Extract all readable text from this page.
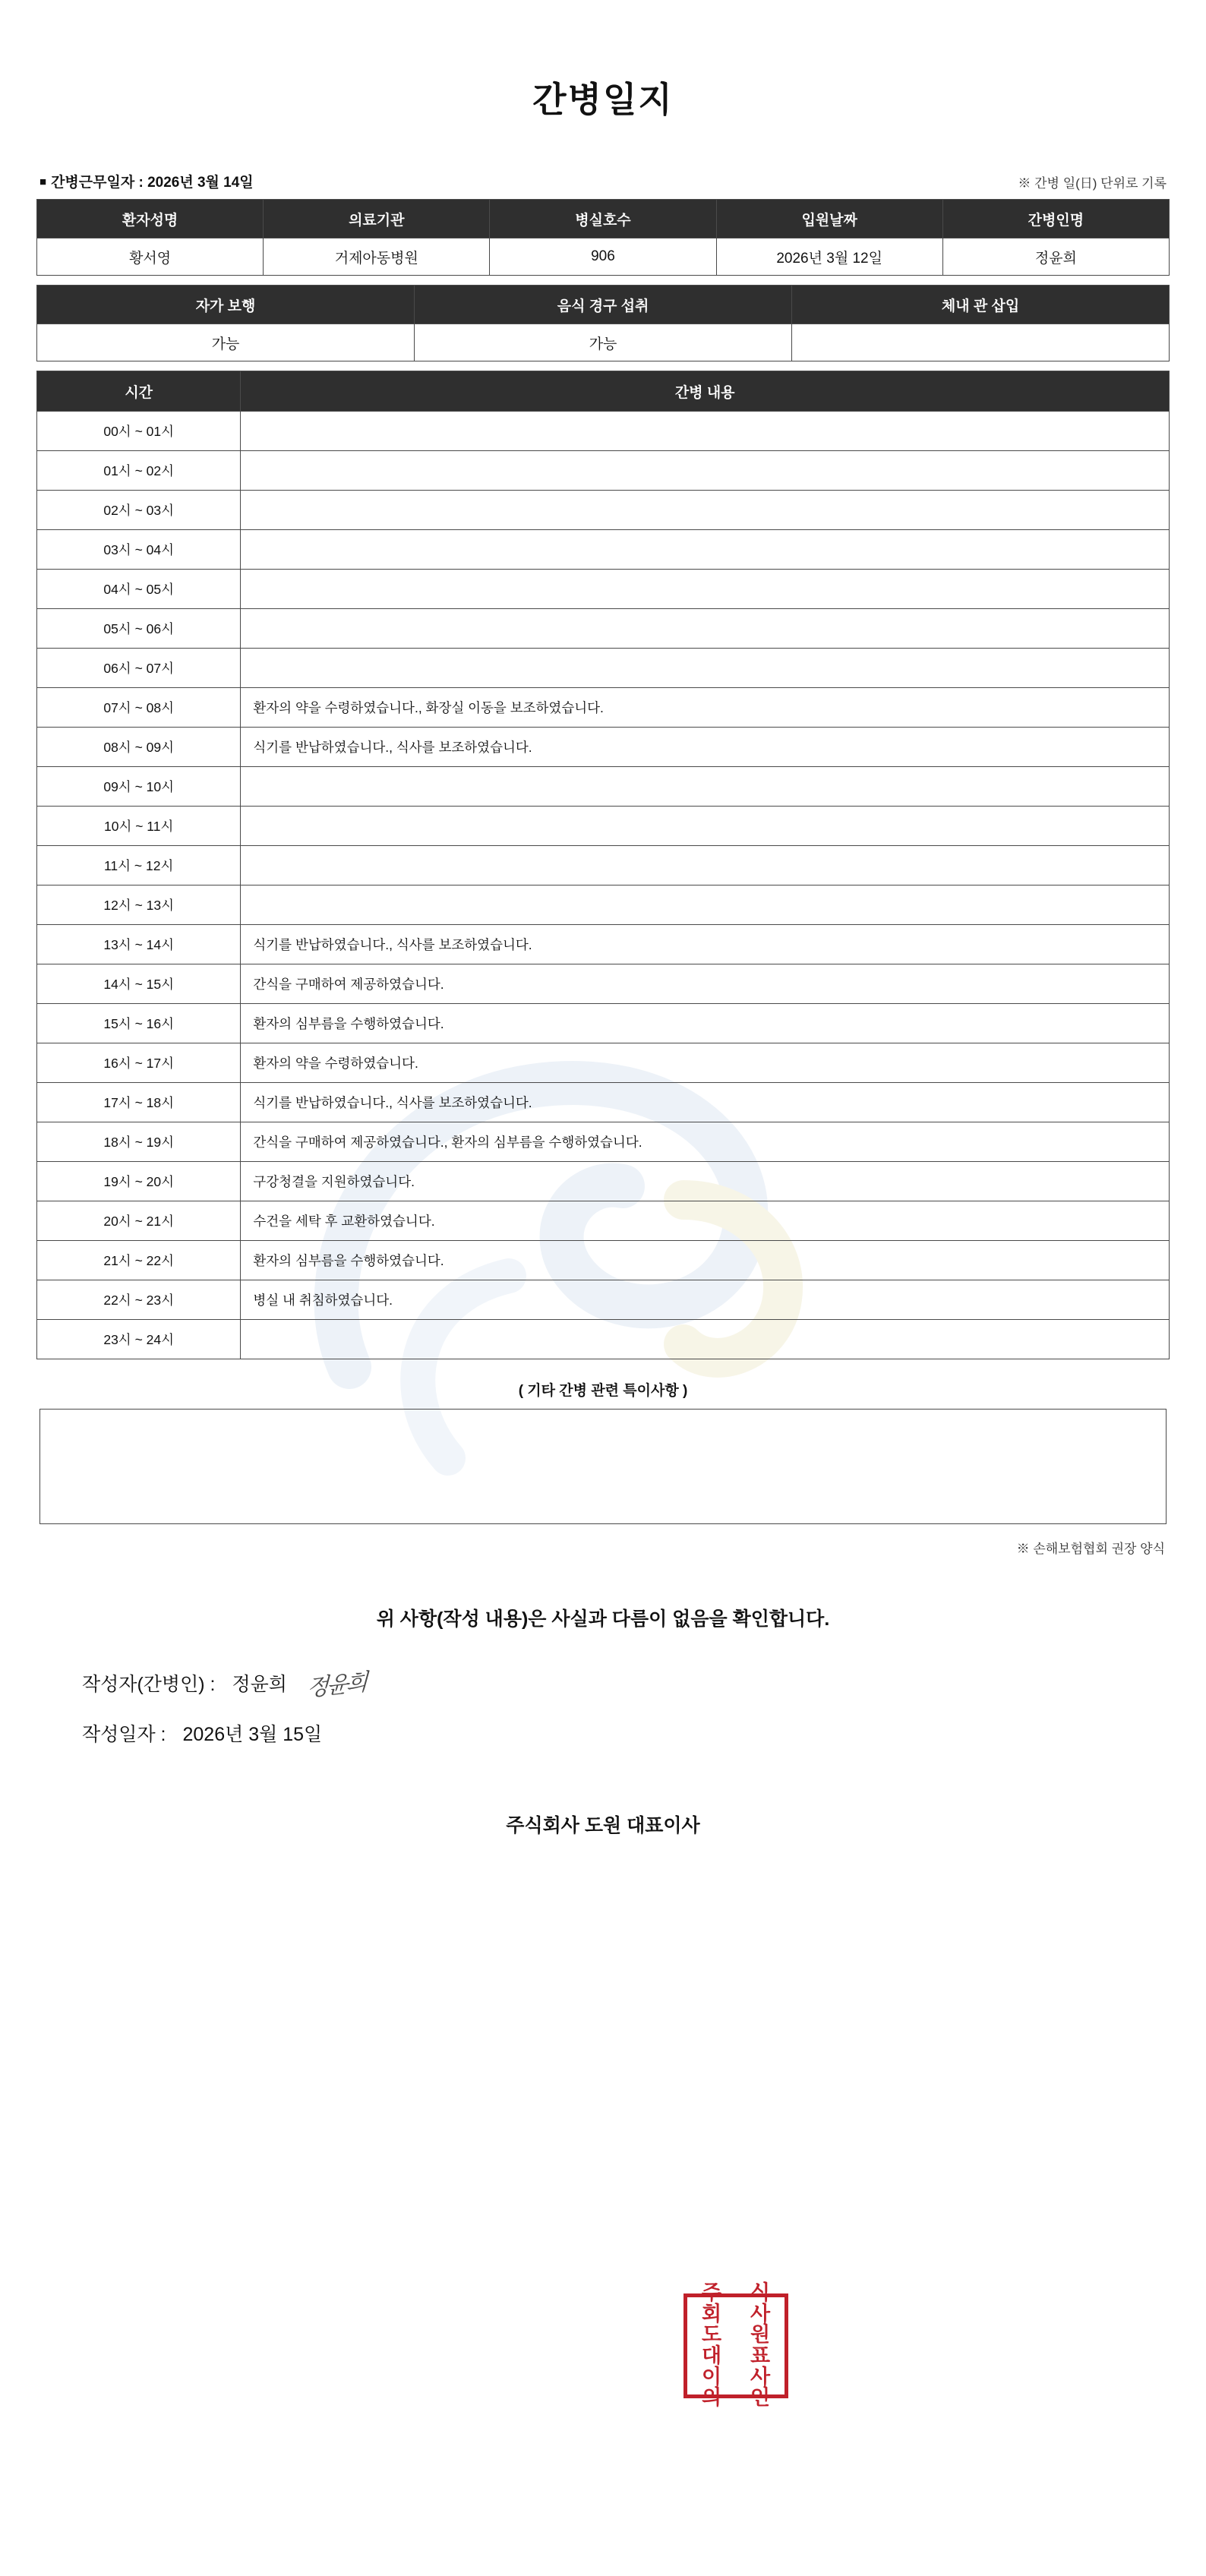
간병일지
■ 간병근무일자 : 2026년 3월 14일	※ 간병 일(日) 단위로 기록
환자성명	의료기관	병실호수	입원날짜	간병인명
황서영	거제아동병원	906	2026년 3월 12일	정윤희
자가 보행	음식 경구 섭취	체내 관 삽입
가능	가능	
시간	간병 내용
00시 ~ 01시	
01시 ~ 02시	
02시 ~ 03시	
03시 ~ 04시	
04시 ~ 05시	
05시 ~ 06시	
06시 ~ 07시	
07시 ~ 08시	환자의 약을 수령하였습니다., 화장실 이동을 보조하였습니다.
08시 ~ 09시	식기를 반납하였습니다., 식사를 보조하였습니다.
09시 ~ 10시	
10시 ~ 11시	
11시 ~ 12시	
12시 ~ 13시	
13시 ~ 14시	식기를 반납하였습니다., 식사를 보조하였습니다.
14시 ~ 15시	간식을 구매하여 제공하였습니다.
15시 ~ 16시	환자의 심부름을 수행하였습니다.
16시 ~ 17시	환자의 약을 수령하였습니다.
17시 ~ 18시	식기를 반납하였습니다., 식사를 보조하였습니다.
18시 ~ 19시	간식을 구매하여 제공하였습니다., 환자의 심부름을 수행하였습니다.
19시 ~ 20시	구강청결을 지원하였습니다.
20시 ~ 21시	수건을 세탁 후 교환하였습니다.
21시 ~ 22시	환자의 심부름을 수행하였습니다.
22시 ~ 23시	병실 내 취침하였습니다.
23시 ~ 24시	
( 기타 간병 관련 특이사항 )
※ 손해보험협회 권장 양식
위 사항(작성 내용)은 사실과 다름이 없음을 확인합니다.
작성자(간병인) : 정윤희 정윤희
작성일자 : 2026년 3월 15일
주식회사 도원 대표이사
주	식
회	사
도	원
대	표
이	사
의	인
